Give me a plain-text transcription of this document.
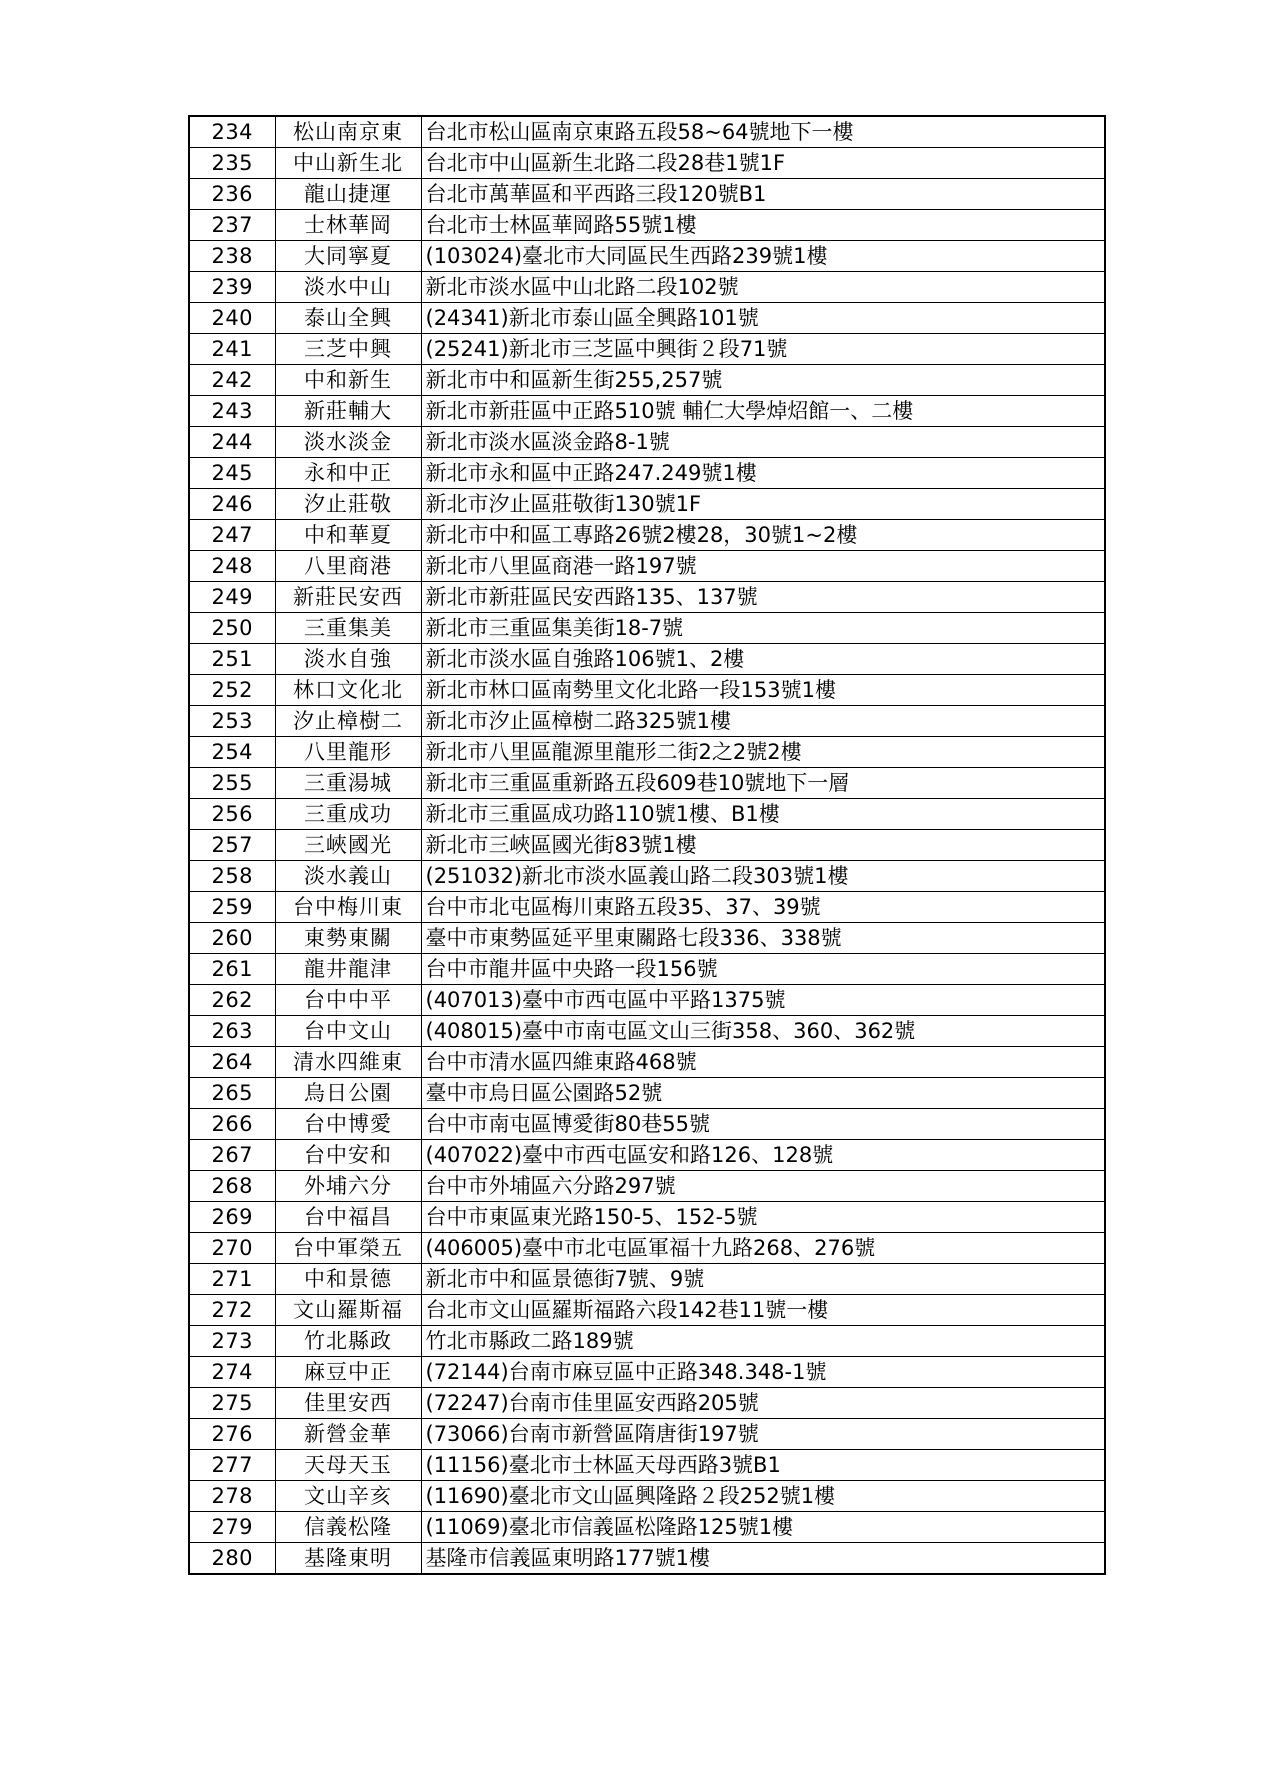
234	松山南京東	台北市松山區南京東路五段58~64號地下一樓
235	中山新生北	台北市中山區新生北路二段28巷1號1F
236	龍山捷運	台北市萬華區和平西路三段120號B1
237	士林華岡	台北市士林區華岡路55號1樓
238	大同寧夏	(103024)臺北市大同區民生西路239號1樓
239	淡水中山	新北市淡水區中山北路二段102號
240	泰山全興	(24341)新北市泰山區全興路101號
241	三芝中興	(25241)新北市三芝區中興街２段71號
242	中和新生	新北市中和區新生街255,257號
243	新莊輔大	新北市新莊區中正路510號 輔仁大學焯炤館一、二樓
244	淡水淡金	新北市淡水區淡金路8-1號
245	永和中正	新北市永和區中正路247.249號1樓
246	汐止莊敬	新北市汐止區莊敬街130號1F
247	中和華夏	新北市中和區工專路26號2樓28，30號1~2樓
248	八里商港	新北市八里區商港一路197號
249	新莊民安西	新北市新莊區民安西路135、137號
250	三重集美	新北市三重區集美街18-7號
251	淡水自強	新北市淡水區自強路106號1、2樓
252	林口文化北	新北市林口區南勢里文化北路一段153號1樓
253	汐止樟樹二	新北市汐止區樟樹二路325號1樓
254	八里龍形	新北市八里區龍源里龍形二街2之2號2樓
255	三重湯城	新北市三重區重新路五段609巷10號地下一層
256	三重成功	新北市三重區成功路110號1樓、B1樓
257	三峽國光	新北市三峽區國光街83號1樓
258	淡水義山	(251032)新北市淡水區義山路二段303號1樓
259	台中梅川東	台中市北屯區梅川東路五段35、37、39號
260	東勢東關	臺中市東勢區延平里東關路七段336、338號
261	龍井龍津	台中市龍井區中央路一段156號
262	台中中平	(407013)臺中市西屯區中平路1375號
263	台中文山	(408015)臺中市南屯區文山三街358、360、362號
264	清水四維東	台中市清水區四維東路468號
265	烏日公園	臺中市烏日區公園路52號
266	台中博愛	台中市南屯區博愛街80巷55號
267	台中安和	(407022)臺中市西屯區安和路126、128號
268	外埔六分	台中市外埔區六分路297號
269	台中福昌	台中市東區東光路150-5、152-5號
270	台中軍榮五	(406005)臺中市北屯區軍福十九路268、276號
271	中和景德	新北市中和區景德街7號、9號
272	文山羅斯福	台北市文山區羅斯福路六段142巷11號一樓
273	竹北縣政	竹北市縣政二路189號
274	麻豆中正	(72144)台南市麻豆區中正路348.348-1號
275	佳里安西	(72247)台南市佳里區安西路205號
276	新營金華	(73066)台南市新營區隋唐街197號
277	天母天玉	(11156)臺北市士林區天母西路3號B1
278	文山辛亥	(11690)臺北市文山區興隆路２段252號1樓
279	信義松隆	(11069)臺北市信義區松隆路125號1樓
280	基隆東明	基隆市信義區東明路177號1樓
